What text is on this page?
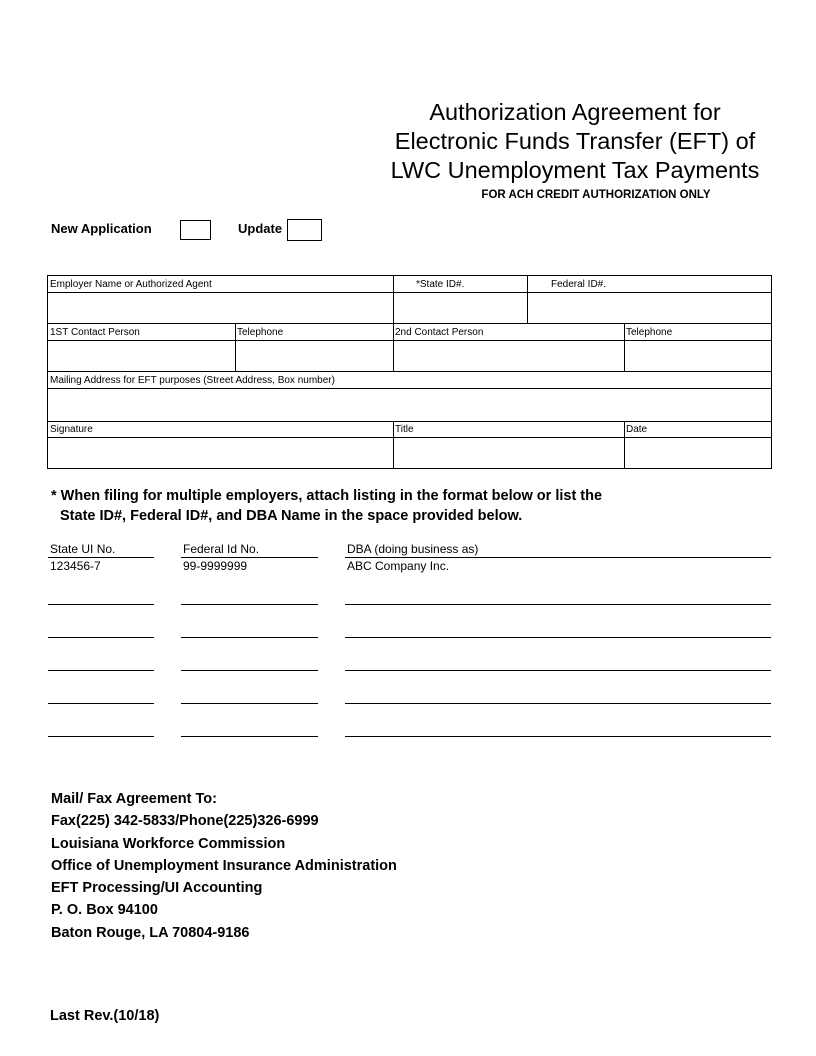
Authorization Agreement for
Electronic Funds Transfer (EFT) of
LWC Unemployment Tax Payments
FOR ACH CREDIT AUTHORIZATION ONLY
New Application	Update
Employer Name or Authorized Agent	*State ID#.	Federal ID#.
1ST Contact Person	Telephone	2nd Contact Person	Telephone
Mailing Address for EFT purposes (Street Address, Box number)
Signature	Title	Date
* When filing for multiple employers, attach listing in the format below or list the
State ID#, Federal ID#, and DBA Name in the space provided below.
State UI No.	Federal Id No.	DBA (doing business as)
123456-7	99-9999999	ABC Company Inc.
Mail/ Fax Agreement To:
Fax(225) 342-5833/Phone(225)326-6999
Louisiana Workforce Commission
Office of Unemployment Insurance Administration
EFT Processing/UI Accounting
P. O. Box 94100
Baton Rouge, LA 70804-9186
Last Rev.(10/18)
